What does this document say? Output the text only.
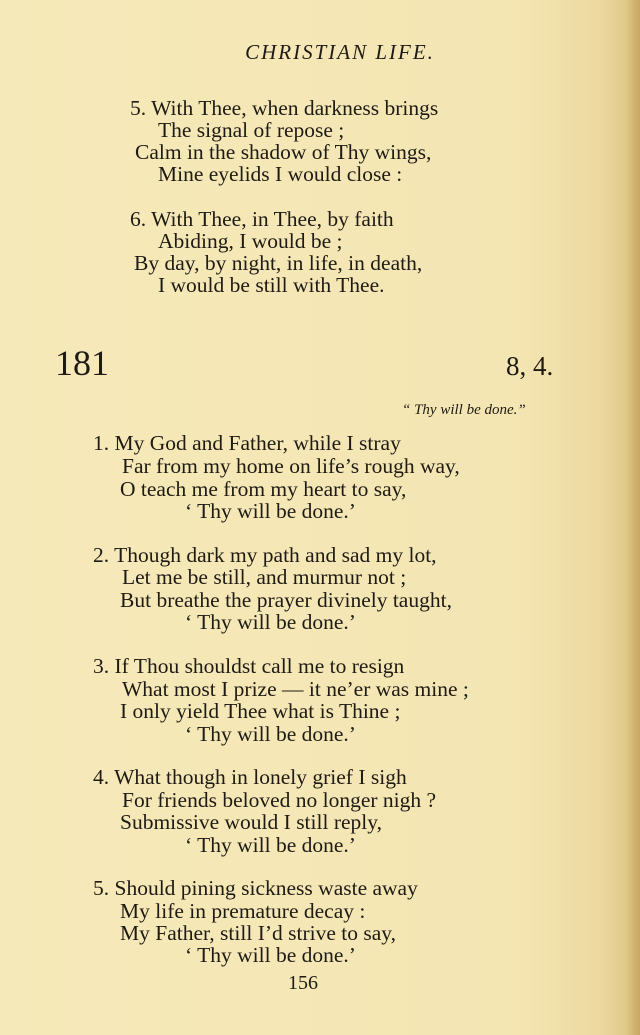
CHRISTIAN LIFE.
5. With Thee, when darkness brings
The signal of repose ;
Calm in the shadow of Thy wings,
Mine eyelids I would close :
6. With Thee, in Thee, by faith
Abiding, I would be ;
By day, by night, in life, in death,
I would be still with Thee.
181	8, 4.
“ Thy will be done.”
1. My God and Father, while I stray
Far from my home on life’s rough way,
O teach me from my heart to say,
‘ Thy will be done.’
2. Though dark my path and sad my lot,
Let me be still, and murmur not ;
But breathe the prayer divinely taught,
‘ Thy will be done.’
3. If Thou shouldst call me to resign
What most I prize — it ne’er was mine ;
I only yield Thee what is Thine ;
‘ Thy will be done.’
4. What though in lonely grief I sigh
For friends beloved no longer nigh ?
Submissive would I still reply,
‘ Thy will be done.’
5. Should pining sickness waste away
My life in premature decay :
My Father, still I’d strive to say,
‘ Thy will be done.’
156
